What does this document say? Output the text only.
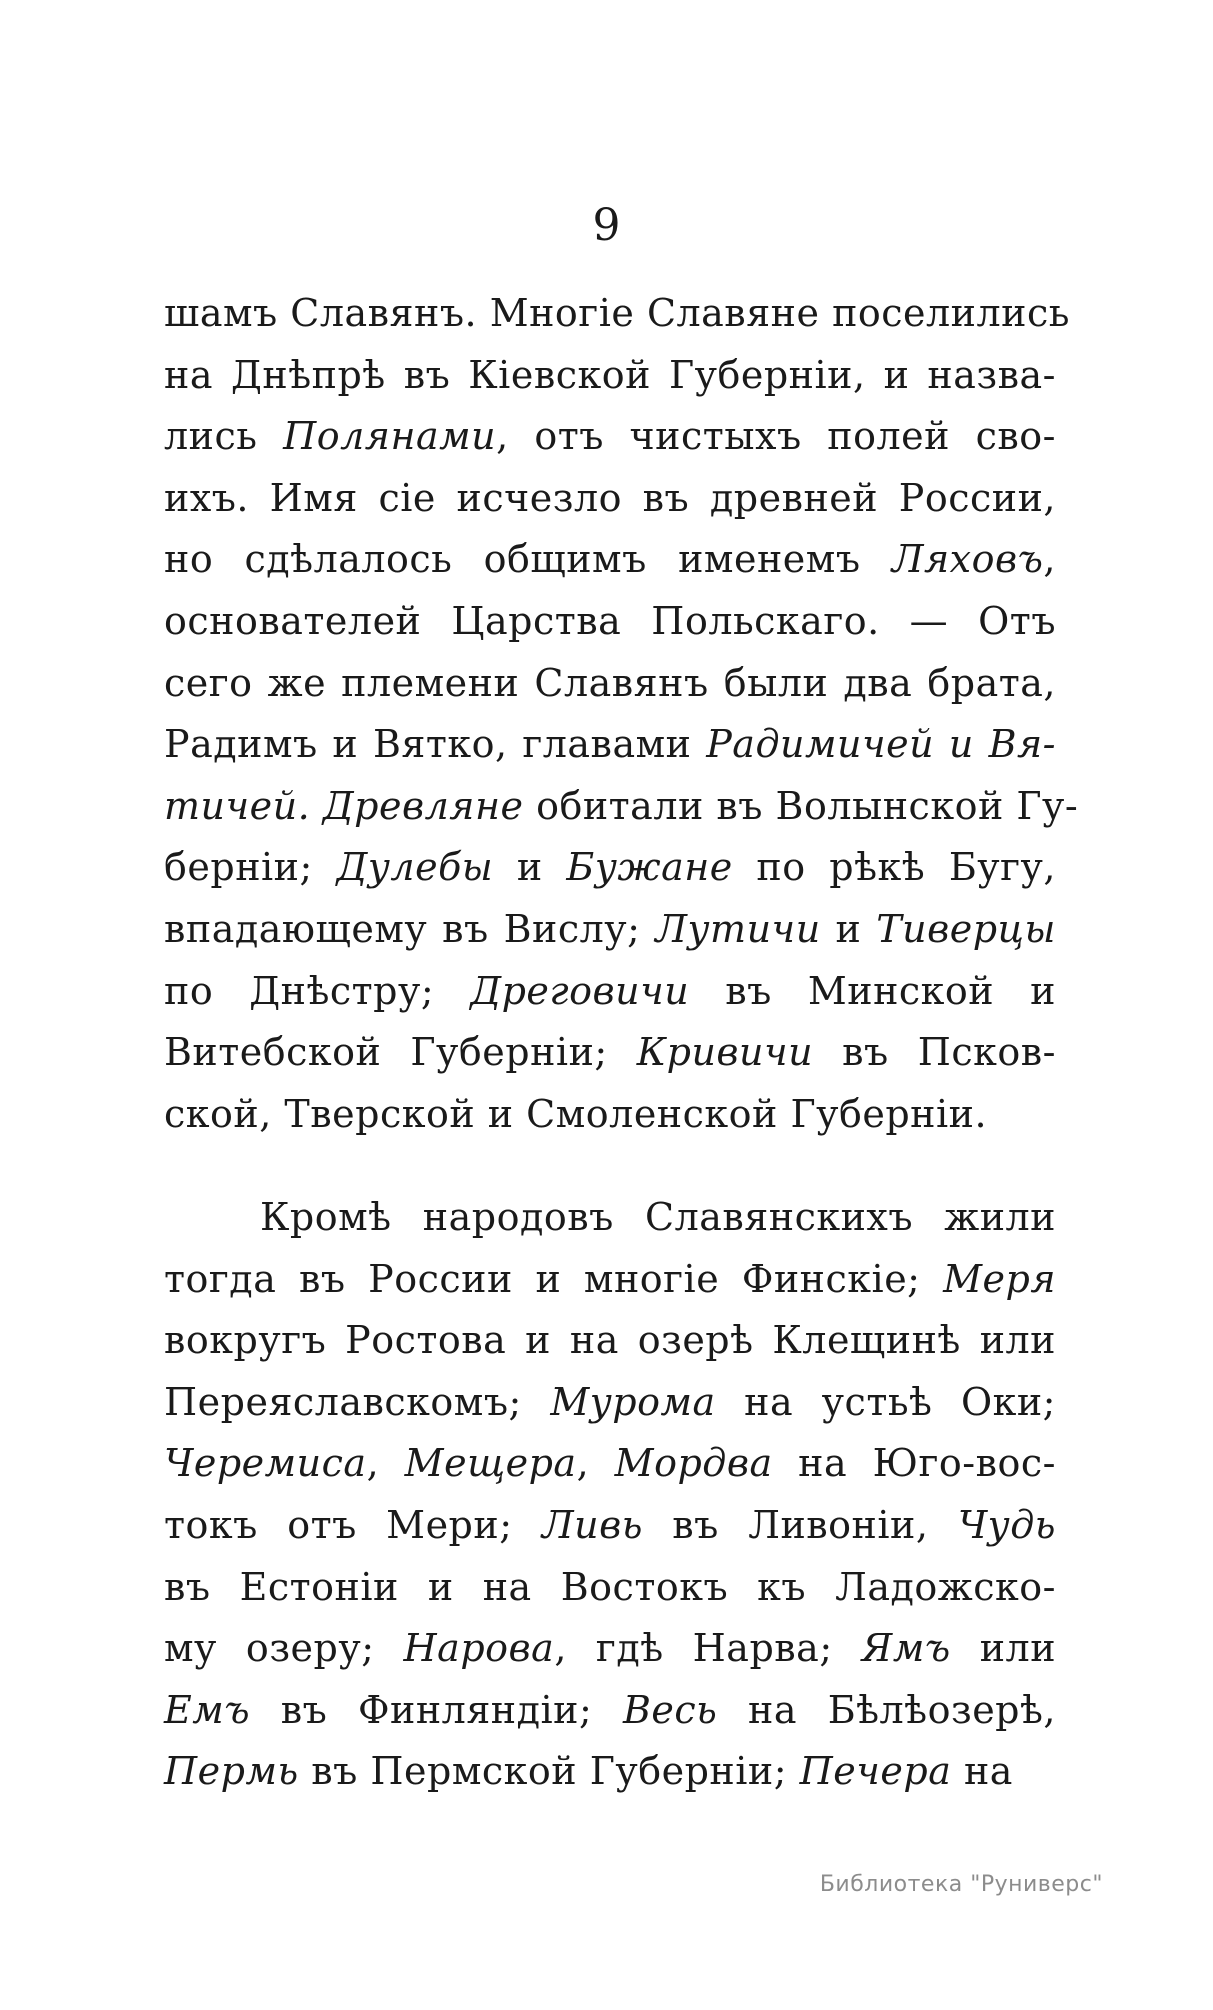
9
шамъ Славянъ. Многie Славяне поселились
на Днѣпрѣ въ Кiевской Губернiи, и назва-
лись Полянами, отъ чистыхъ полей сво-
ихъ. Имя сie исчезло въ древней России,
но сдѣлалось общимъ именемъ Ляховъ,
основателей Царства Польскаго. — Отъ
сего же племени Славянъ были два брата,
Радимъ и Вятко, главами Радимичей и Вя-
тичей. Древляне обитали въ Волынской Гу-
бернiи; Дулебы и Бужане по рѣкѣ Бугу,
впадающему въ Вислу; Лутичи и Тиверцы
по Днѣстру; Дреговичи въ Минской и
Витебской Губернiи; Кривичи въ Псков-
ской, Тверской и Смоленской Губернiи.
Кромѣ народовъ Славянскихъ жили
тогда въ России и многie Финскie; Меря
вокругъ Ростова и на озерѣ Клещинѣ или
Переяславскомъ; Мурома на устьѣ Оки;
Черемиса, Мещера, Мордва на Юго-вос-
токъ отъ Мери; Ливь въ Ливонiи, Чудь
въ Естонiи и на Востокъ къ Ладожско-
му озеру; Нарова, гдѣ Нарва; Ямъ или
Емъ въ Финляндiи; Весь на Бѣлѣозерѣ,
Пермь въ Пермской Губернiи; Печера на
Библиотека "Руниверс"
